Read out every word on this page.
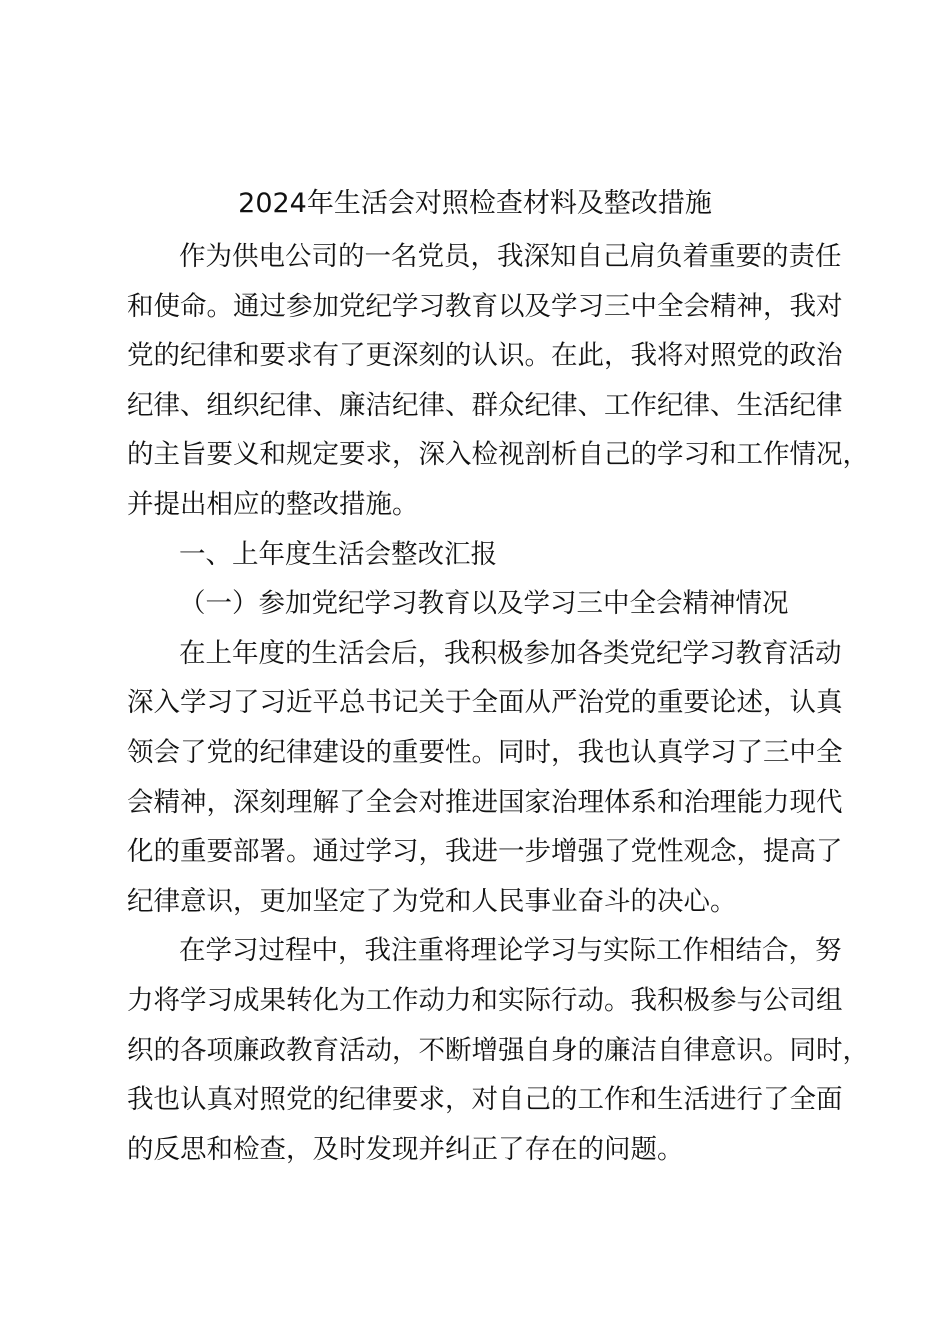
2024年生活会对照检查材料及整改措施
作为供电公司的一名党员，我深知自己肩负着重要的责任
和使命。通过参加党纪学习教育以及学习三中全会精神，我对
党的纪律和要求有了更深刻的认识。在此，我将对照党的政治
纪律、组织纪律、廉洁纪律、群众纪律、工作纪律、生活纪律
的主旨要义和规定要求，深入检视剖析自己的学习和工作情况，
并提出相应的整改措施。
一、上年度生活会整改汇报
（一）参加党纪学习教育以及学习三中全会精神情况
在上年度的生活会后，我积极参加各类党纪学习教育活动
深入学习了习近平总书记关于全面从严治党的重要论述，认真
领会了党的纪律建设的重要性。同时，我也认真学习了三中全
会精神，深刻理解了全会对推进国家治理体系和治理能力现代
化的重要部署。通过学习，我进一步增强了党性观念，提高了
纪律意识，更加坚定了为党和人民事业奋斗的决心。
在学习过程中，我注重将理论学习与实际工作相结合，努
力将学习成果转化为工作动力和实际行动。我积极参与公司组
织的各项廉政教育活动，不断增强自身的廉洁自律意识。同时，
我也认真对照党的纪律要求，对自己的工作和生活进行了全面
的反思和检查，及时发现并纠正了存在的问题。
